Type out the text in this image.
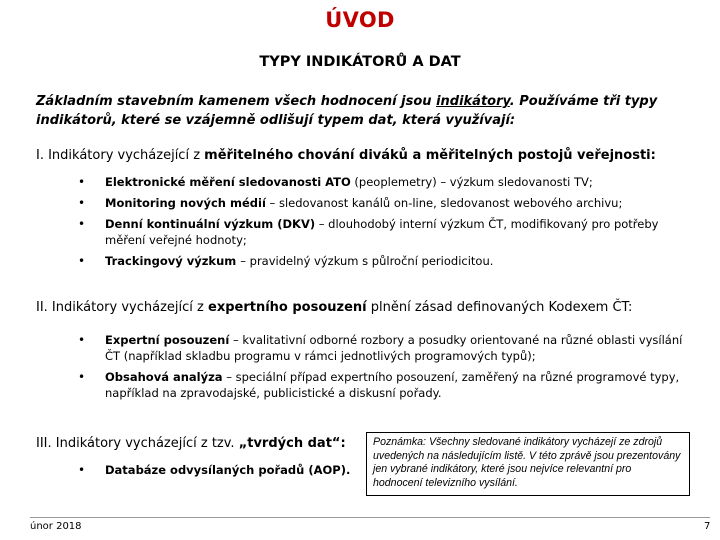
ÚVOD
TYPY INDIKÁTORŮ A DAT
Základním stavebním kamenem všech hodnocení jsou indikátory. Používáme tři typy indikátorů, které se vzájemně odlišují typem dat, která využívají:
I. Indikátory vycházející z měřitelného chování diváků a měřitelných postojů veřejnosti:
• Elektronické měření sledovanosti ATO (peoplemetry) – výzkum sledovanosti TV;
• Monitoring nových médií – sledovanost kanálů on-line, sledovanost webového archivu;
• Denní kontinuální výzkum (DKV) – dlouhodobý interní výzkum ČT, modifikovaný pro potřeby měření veřejné hodnoty;
• Trackingový výzkum – pravidelný výzkum s půlroční periodicitou.
II. Indikátory vycházející z expertního posouzení plnění zásad definovaných Kodexem ČT:
• Expertní posouzení – kvalitativní odborné rozbory a posudky orientované na různé oblasti vysílání ČT (například skladbu programu v rámci jednotlivých programových typů);
• Obsahová analýza – speciální případ expertního posouzení, zaměřený na různé programové typy, například na zpravodajské, publicistické a diskusní pořady.
III. Indikátory vycházející z tzv. „tvrdých dat“:
• Databáze odvysílaných pořadů (AOP).
Poznámka: Všechny sledované indikátory vycházejí ze zdrojů uvedených na následujícím listě. V této zprávě jsou prezentovány jen vybrané indikátory, které jsou nejvíce relevantní pro hodnocení televizního vysílání.
únor 2018	7
